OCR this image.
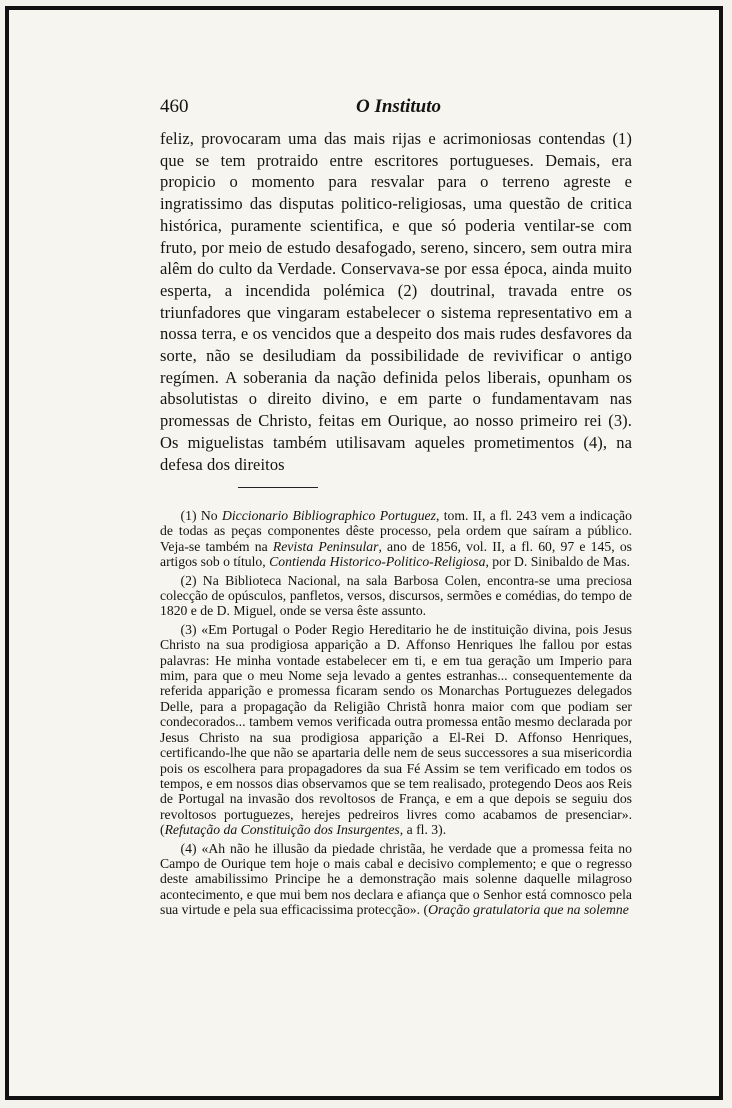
460	O Instituto

feliz, provocaram uma das mais rijas e acrimoniosas contendas (1) que se tem protraido entre escritores portugueses. Demais, era propicio o momento para resvalar para o terreno agreste e ingratissimo das disputas politico-religiosas, uma questão de critica histórica, puramente scientifica, e que só poderia ventilar-se com fruto, por meio de estudo desafogado, sereno, sincero, sem outra mira alêm do culto da Verdade. Conservava-se por essa época, ainda muito esperta, a incendida polémica (2) doutrinal, travada entre os triunfadores que vingaram estabelecer o sistema representativo em a nossa terra, e os vencidos que a despeito dos mais rudes desfavores da sorte, não se desiludiam da possibilidade de revivificar o antigo regímen. A soberania da nação definida pelos liberais, opunham os absolutistas o direito divino, e em parte o fundamentavam nas promessas de Christo, feitas em Ourique, ao nosso primeiro rei (3). Os miguelistas também utilisavam aqueles prometimentos (4), na defesa dos direitos

(1) No Diccionario Bibliographico Portuguez, tom. II, a fl. 243 vem a indicação de todas as peças componentes dêste processo, pela ordem que saíram a público. Veja-se também na Revista Peninsular, ano de 1856, vol. II, a fl. 60, 97 e 145, os artigos sob o título, Contienda Historico-Politico-Religiosa, por D. Sinibaldo de Mas.

(2) Na Biblioteca Nacional, na sala Barbosa Colen, encontra-se uma preciosa colecção de opúsculos, panfletos, versos, discursos, sermões e comédias, do tempo de 1820 e de D. Miguel, onde se versa êste assunto.

(3) «Em Portugal o Poder Regio Hereditario he de instituição divina, pois Jesus Christo na sua prodigiosa apparição a D. Affonso Henriques lhe fallou por estas palavras: He minha vontade estabelecer em ti, e em tua geração um Imperio para mim, para que o meu Nome seja levado a gentes estranhas... consequentemente da referida apparição e promessa ficaram sendo os Monarchas Portuguezes delegados Delle, para a propagação da Religião Christã honra maior com que podiam ser condecorados... tambem vemos verificada outra promessa então mesmo declarada por Jesus Christo na sua prodigiosa apparição a El-Rei D. Affonso Henriques, certificando-lhe que não se apartaria delle nem de seus successores a sua misericordia pois os escolhera para propagadores da sua Fé Assim se tem verificado em todos os tempos, e em nossos dias observamos que se tem realisado, protegendo Deos aos Reis de Portugal na invasão dos revoltosos de França, e em a que depois se seguiu dos revoltosos portuguezes, herejes pedreiros livres como acabamos de presenciar». (Refutação da Constituição dos Insurgentes, a fl. 3).

(4) «Ah não he illusão da piedade christãa, he verdade que a promessa feita no Campo de Ourique tem hoje o mais cabal e decisivo complemento; e que o regresso deste amabilissimo Principe he a demonstração mais solenne daquelle milagroso acontecimento, e que mui bem nos declara e afiança que o Senhor está comnosco pela sua virtude e pela sua efficacissima protecção». (Oração gratulatoria que na solemne
